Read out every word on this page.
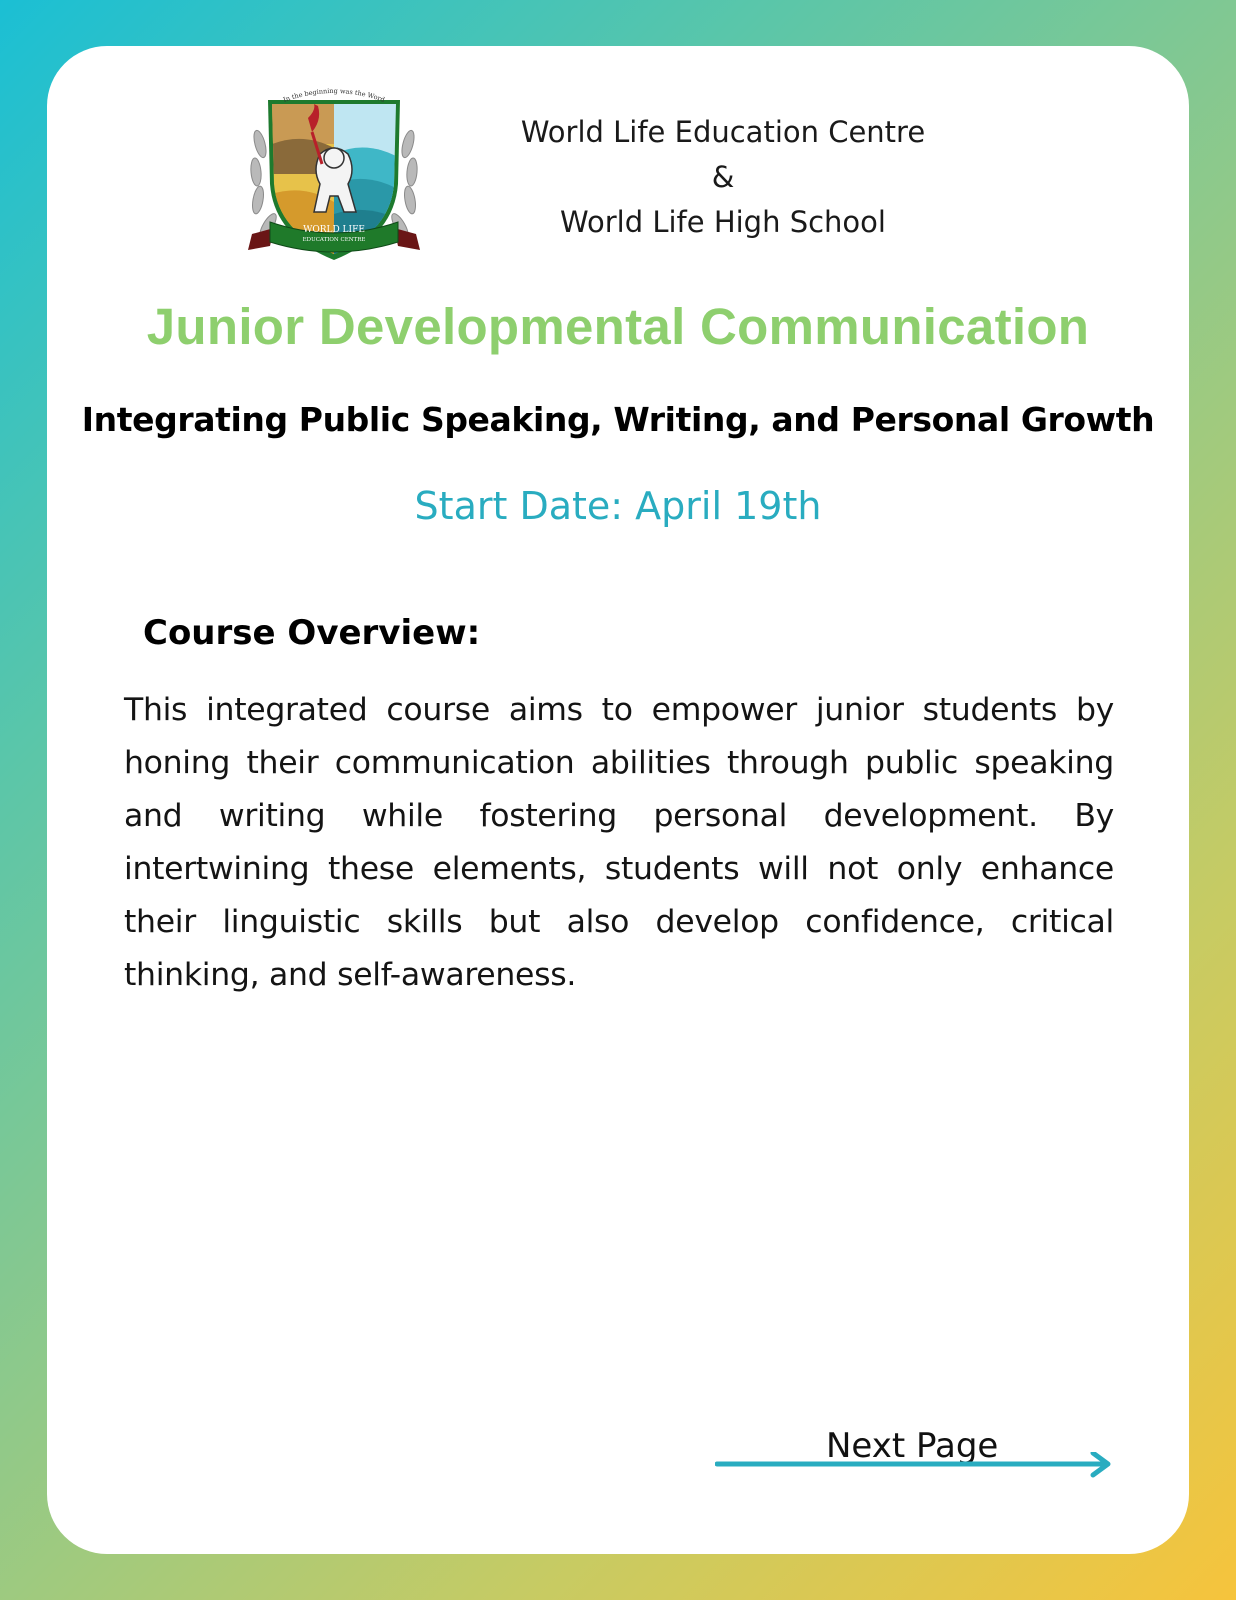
WORLD LIFE
EDUCATION CENTRE
In the beginning was the Word
World Life Education Centre
&
World Life High School
Junior Developmental Communication
Integrating Public Speaking, Writing, and Personal Growth
Start Date: April 19th
Course Overview:
This integrated course aims to empower junior students by honing their communication abilities through public speaking and writing while fostering personal development. By intertwining these elements, students will not only enhance their linguistic skills but also develop confidence, critical thinking, and self-awareness.
Next Page
